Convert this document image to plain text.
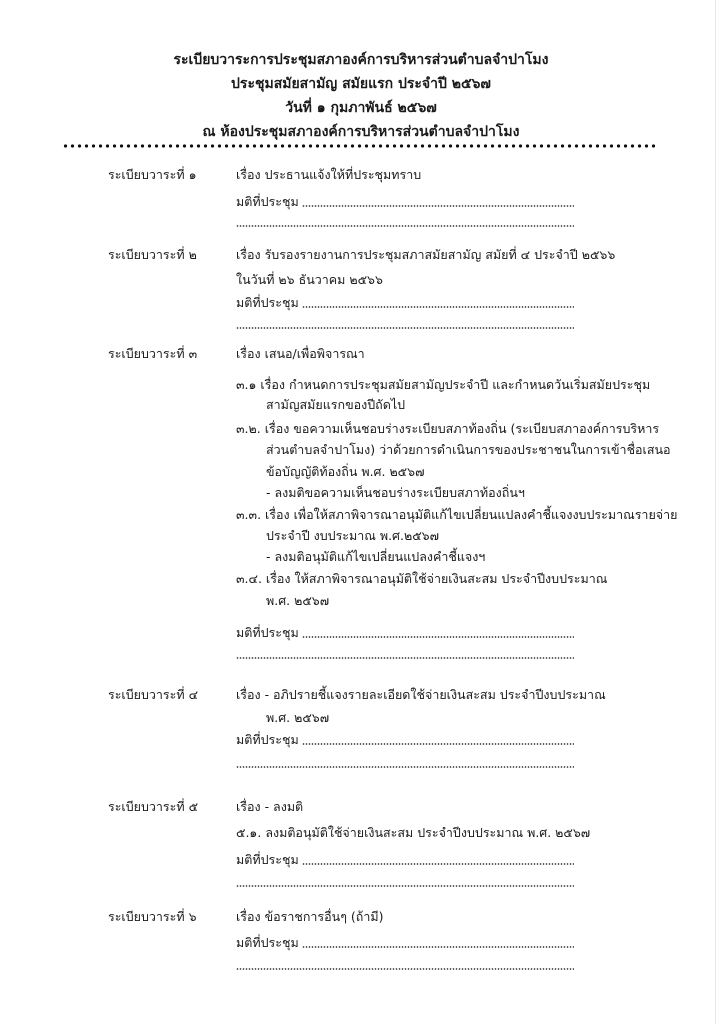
ระเบียบวาระการประชุมสภาองค์การบริหารส่วนตำบลจำปาโมง
ประชุมสมัยสามัญ สมัยแรก ประจำปี ๒๕๖๗
วันที่ ๑ กุมภาพันธ์ ๒๕๖๗
ณ ห้องประชุมสภาองค์การบริหารส่วนตำบลจำปาโมง
ระเบียบวาระที่ ๑	เรื่อง ประธานแจ้งให้ที่ประชุมทราบ
มติที่ประชุม
ระเบียบวาระที่ ๒	เรื่อง รับรองรายงานการประชุมสภาสมัยสามัญ สมัยที่ ๔ ประจำปี ๒๕๖๖
ในวันที่ ๒๖ ธันวาคม ๒๕๖๖
มติที่ประชุม
ระเบียบวาระที่ ๓	เรื่อง เสนอ/เพื่อพิจารณา
๓.๑ เรื่อง กำหนดการประชุมสมัยสามัญประจำปี และกำหนดวันเริ่มสมัยประชุม
สามัญสมัยแรกของปีถัดไป
๓.๒. เรื่อง ขอความเห็นชอบร่างระเบียบสภาท้องถิ่น (ระเบียบสภาองค์การบริหาร
ส่วนตำบลจำปาโมง) ว่าด้วยการดำเนินการของประชาชนในการเข้าชื่อเสนอ
ข้อบัญญัติท้องถิ่น พ.ศ. ๒๕๖๗
- ลงมติขอความเห็นชอบร่างระเบียบสภาท้องถิ่นฯ
๓.๓. เรื่อง เพื่อให้สภาพิจารณาอนุมัติแก้ไขเปลี่ยนแปลงคำชี้แจงงบประมาณรายจ่าย
ประจำปี งบประมาณ พ.ศ.๒๕๖๗
- ลงมติอนุมัติแก้ไขเปลี่ยนแปลงคำชี้แจงฯ
๓.๔. เรื่อง ให้สภาพิจารณาอนุมัติใช้จ่ายเงินสะสม ประจำปีงบประมาณ
พ.ศ. ๒๕๖๗
มติที่ประชุม
ระเบียบวาระที่ ๔	เรื่อง - อภิปรายชี้แจงรายละเอียดใช้จ่ายเงินสะสม ประจำปีงบประมาณ
พ.ศ. ๒๕๖๗
มติที่ประชุม
ระเบียบวาระที่ ๕	เรื่อง - ลงมติ
๕.๑. ลงมติอนุมัติใช้จ่ายเงินสะสม ประจำปีงบประมาณ พ.ศ. ๒๕๖๗
มติที่ประชุม
ระเบียบวาระที่ ๖	เรื่อง ข้อราชการอื่นๆ (ถ้ามี)
มติที่ประชุม
